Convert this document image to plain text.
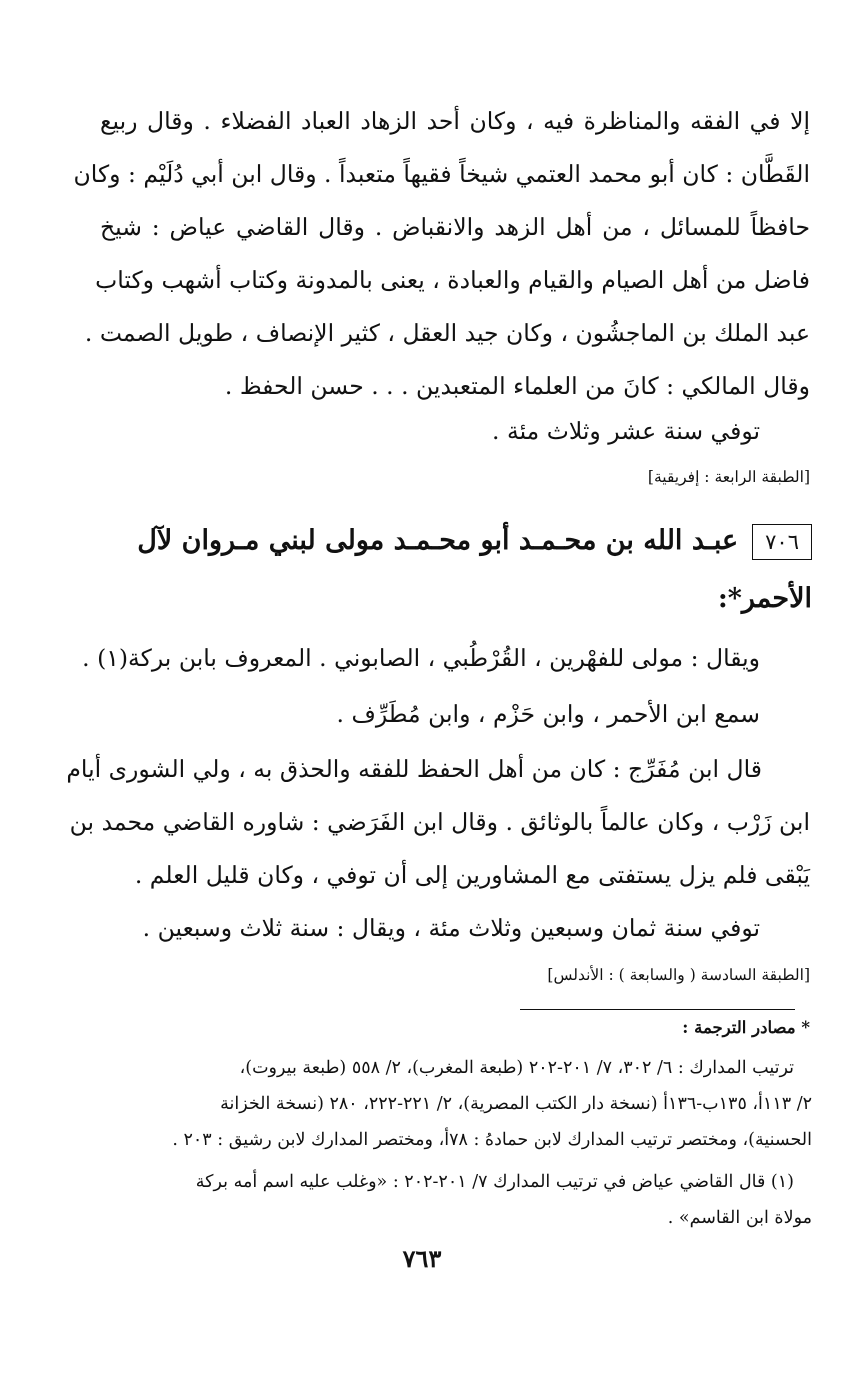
إلا في الفقه والمناظرة فيه ، وكان أحد الزهاد العباد الفضلاء . وقال ربيع
القَطَّان : كان أبو محمد العتمي شيخاً فقيهاً متعبداً . وقال ابن أبي دُلَيْم : وكان
حافظاً للمسائل ، من أهل الزهد والانقباض . وقال القاضي عياض : شيخ
فاضل من أهل الصيام والقيام والعبادة ، يعنى بالمدونة وكتاب أشهب وكتاب
عبد الملك بن الماجشُون ، وكان جيد العقل ، كثير الإنصاف ، طويل الصمت .
وقال المالكي : كانَ من العلماء المتعبدين . . . حسن الحفظ .
توفي سنة عشر وثلاث مئة .
[الطبقة الرابعة : إفريقية]
٧٠٦عبـد الله بن محـمـد أبو محـمـد مولى لبني مـروان لآل
الأحمر*:
ويقال : مولى للفهْرين ، القُرْطُبي ، الصابوني . المعروف بابن بركة(١) .
سمع ابن الأحمر ، وابن حَزْم ، وابن مُطَرِّف .
قال ابن مُفَرِّج : كان من أهل الحفظ للفقه والحذق به ، ولي الشورى أيام
ابن زَرْب ، وكان عالماً بالوثائق . وقال ابن الفَرَضي : شاوره القاضي محمد بن
يَبْقى فلم يزل يستفتى مع المشاورين إلى أن توفي ، وكان قليل العلم .
توفي سنة ثمان وسبعين وثلاث مئة ، ويقال : سنة ثلاث وسبعين .
[الطبقة السادسة ( والسابعة ) : الأندلس]
* مصادر الترجمة :
ترتيب المدارك : ٦/ ٣٠٢، ٧/ ٢٠١-٢٠٢ (طبعة المغرب)، ٢/ ٥٥٨ (طبعة بيروت)،
٢/ ١١٣أ، ١٣٥ب-١٣٦أ (نسخة دار الكتب المصرية)، ٢/ ٢٢١-٢٢٢، ٢٨٠ (نسخة الخزانة
الحسنية)، ومختصر ترتيب المدارك لابن حمادهُ : ٧٨أ، ومختصر المدارك لابن رشيق : ٢٠٣ .
(١) قال القاضي عياض في ترتيب المدارك ٧/ ٢٠١-٢٠٢ : «وغلب عليه اسم أمه بركة
مولاة ابن القاسم» .
٧٦٣
